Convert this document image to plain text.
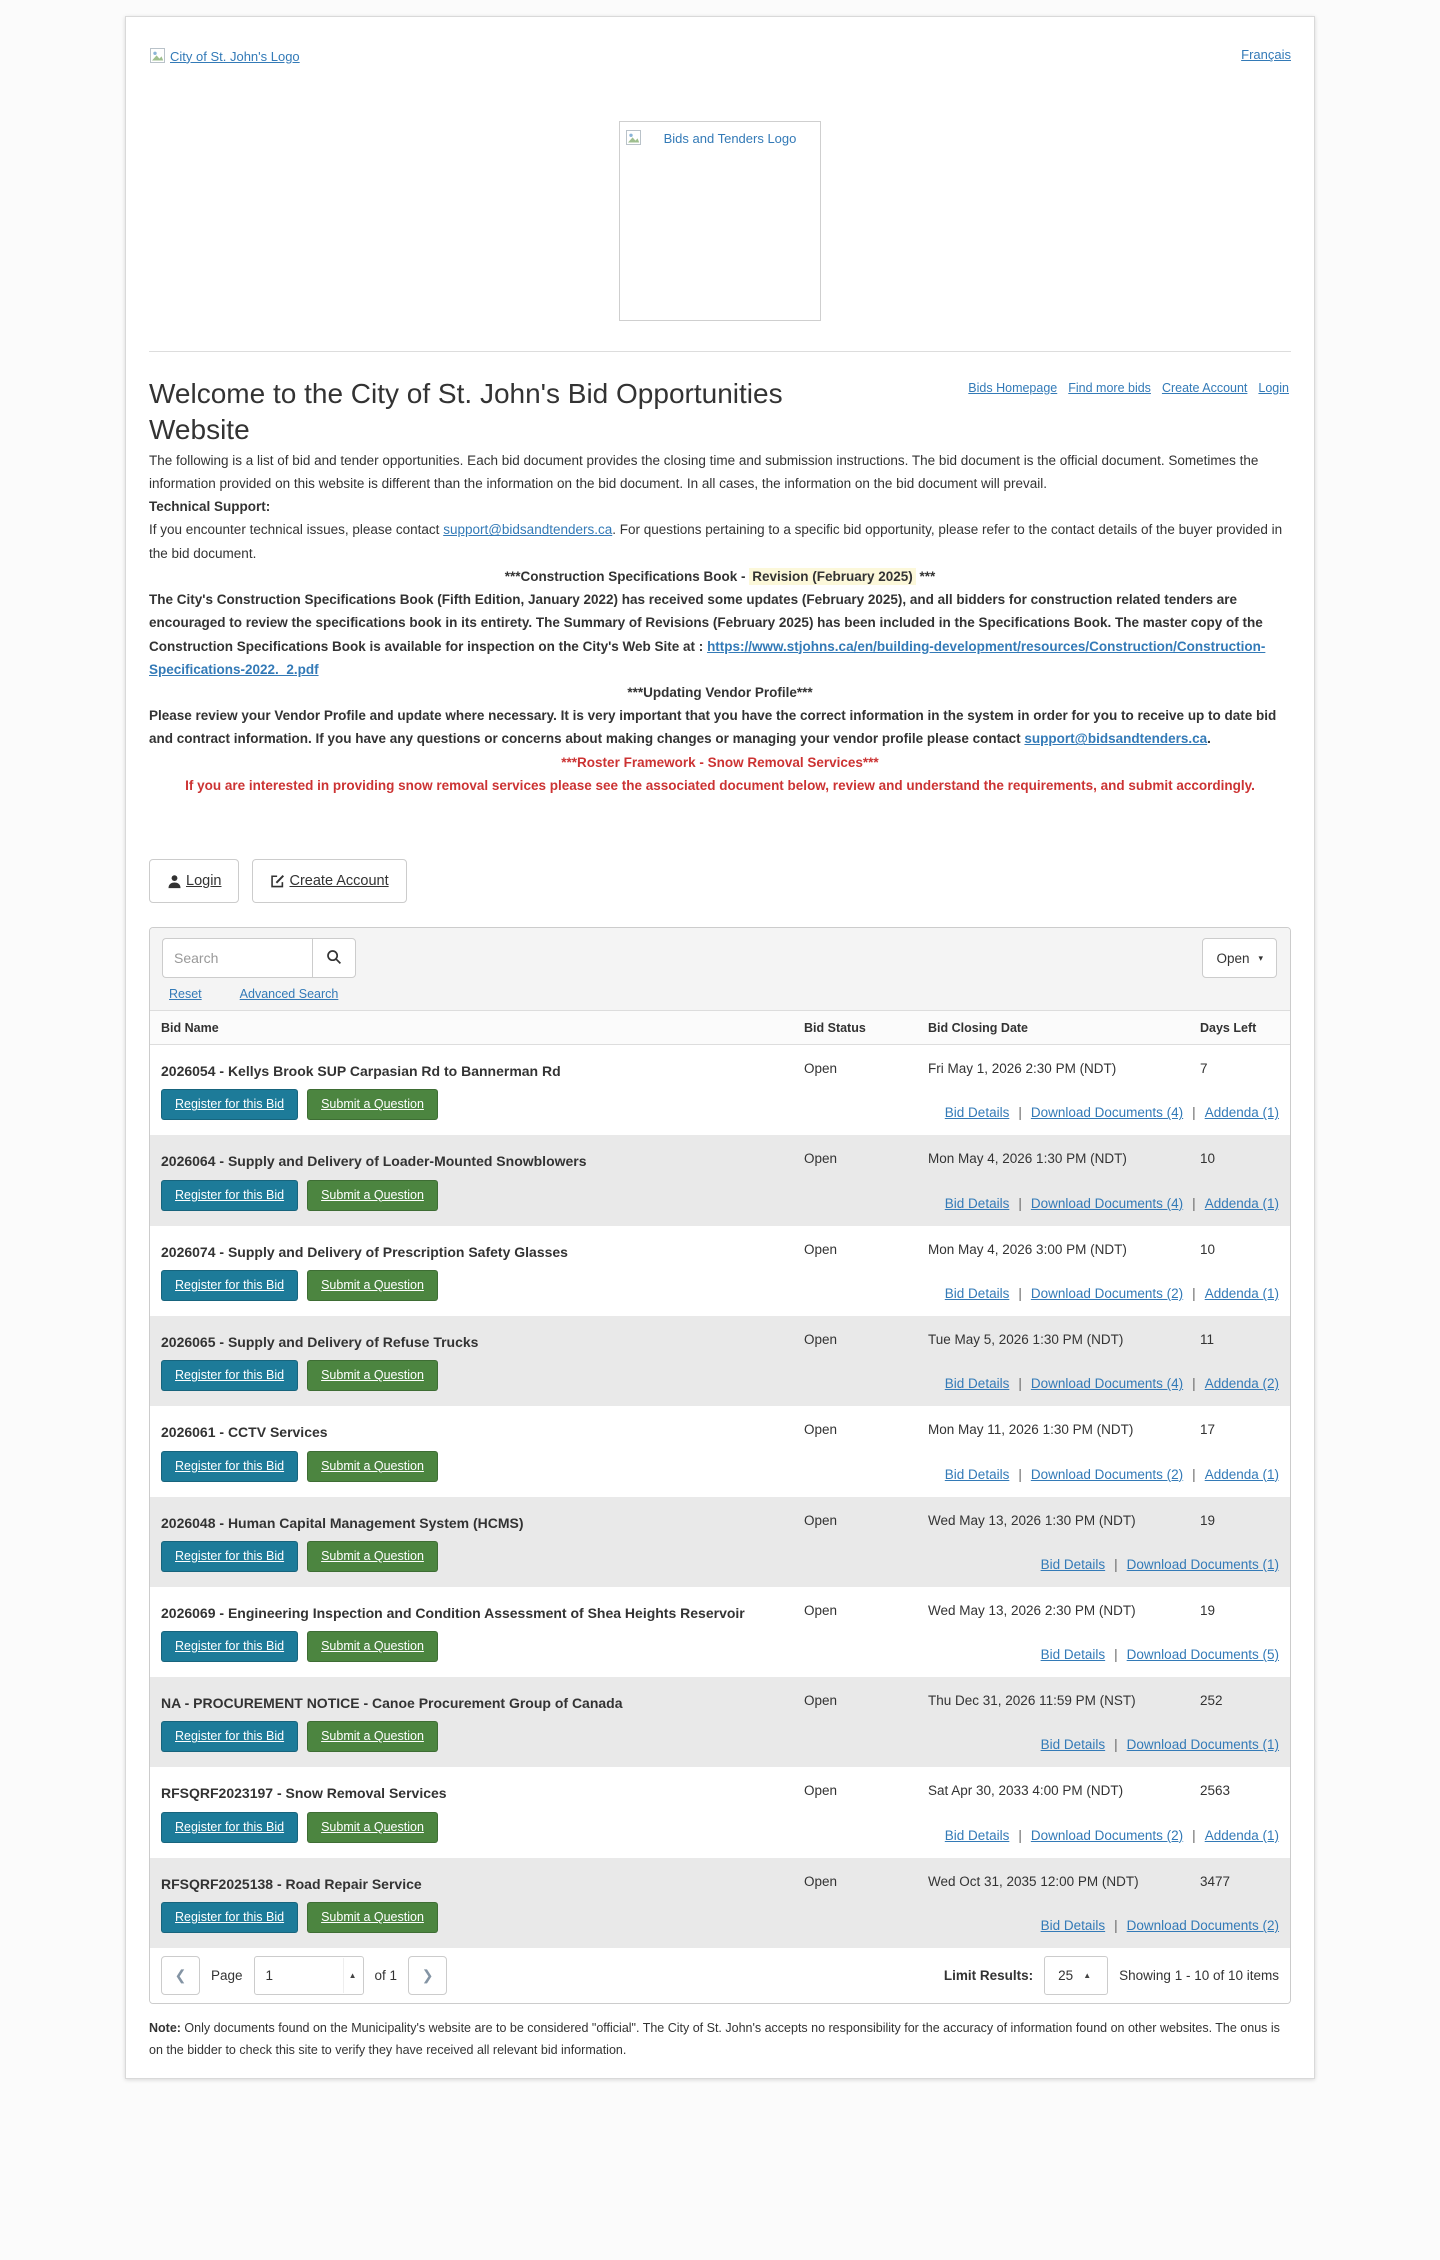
City of St. John's Logo	Français
Bids and Tenders Logo
Welcome to the City of St. John's Bid Opportunities Website
Bids Homepage Find more bids Create Account Login

The following is a list of bid and tender opportunities. Each bid document provides the closing time and submission instructions. The bid document is the official document. Sometimes the information provided on this website is different than the information on the bid document. In all cases, the information on the bid document will prevail.

Technical Support:

If you encounter technical issues, please contact support@bidsandtenders.ca. For questions pertaining to a specific bid opportunity, please refer to the contact details of the buyer provided in the bid document.

***Construction Specifications Book - Revision (February 2025) ***

The City's Construction Specifications Book (Fifth Edition, January 2022) has received some updates (February 2025), and all bidders for construction related tenders are encouraged to review the specifications book in its entirety. The Summary of Revisions (February 2025) has been included in the Specifications Book. The master copy of the Construction Specifications Book is available for inspection on the City's Web Site at : https://www.stjohns.ca/en/building-development/resources/Construction/Construction-Specifications-2022._2.pdf

***Updating Vendor Profile***

Please review your Vendor Profile and update where necessary. It is very important that you have the correct information in the system in order for you to receive up to date bid and contract information. If you have any questions or concerns about making changes or managing your vendor profile please contact support@bidsandtenders.ca.

***Roster Framework - Snow Removal Services***

If you are interested in providing snow removal services please see the associated document below, review and understand the requirements, and submit accordingly.

Login	Create Account
Search
Open ▾
Reset	Advanced Search
Bid Name	Bid Status	Bid Closing Date	Days Left
2026054 - Kellys Brook SUP Carpasian Rd to Bannerman Rd	Open	Fri May 1, 2026 2:30 PM (NDT)	7
Register for this Bid	Submit a Question
Bid Details | Download Documents (4) | Addenda (1)
2026064 - Supply and Delivery of Loader-Mounted Snowblowers	Open	Mon May 4, 2026 1:30 PM (NDT)	10
Register for this Bid	Submit a Question
Bid Details | Download Documents (4) | Addenda (1)
2026074 - Supply and Delivery of Prescription Safety Glasses	Open	Mon May 4, 2026 3:00 PM (NDT)	10
Register for this Bid	Submit a Question
Bid Details | Download Documents (2) | Addenda (1)
2026065 - Supply and Delivery of Refuse Trucks	Open	Tue May 5, 2026 1:30 PM (NDT)	11
Register for this Bid	Submit a Question
Bid Details | Download Documents (4) | Addenda (2)
2026061 - CCTV Services	Open	Mon May 11, 2026 1:30 PM (NDT)	17
Register for this Bid	Submit a Question
Bid Details | Download Documents (2) | Addenda (1)
2026048 - Human Capital Management System (HCMS)	Open	Wed May 13, 2026 1:30 PM (NDT)	19
Register for this Bid	Submit a Question
Bid Details | Download Documents (1)
2026069 - Engineering Inspection and Condition Assessment of Shea Heights Reservoir	Open	Wed May 13, 2026 2:30 PM (NDT)	19
Register for this Bid	Submit a Question
Bid Details | Download Documents (5)
NA - PROCUREMENT NOTICE - Canoe Procurement Group of Canada	Open	Thu Dec 31, 2026 11:59 PM (NST)	252
Register for this Bid	Submit a Question
Bid Details | Download Documents (1)
RFSQRF2023197 - Snow Removal Services	Open	Sat Apr 30, 2033 4:00 PM (NDT)	2563
Register for this Bid	Submit a Question
Bid Details | Download Documents (2) | Addenda (1)
RFSQRF2025138 - Road Repair Service	Open	Wed Oct 31, 2035 12:00 PM (NDT)	3477
Register for this Bid	Submit a Question
Bid Details | Download Documents (2)
❮ Page
1	▲	of 1 ❯	Limit Results: 25 ▲ Showing 1 - 10 of 10 items

Note: Only documents found on the Municipality's website are to be considered "official". The City of St. John's accepts no responsibility for the accuracy of information found on other websites. The onus is on the bidder to check this site to verify they have received all relevant bid information.
